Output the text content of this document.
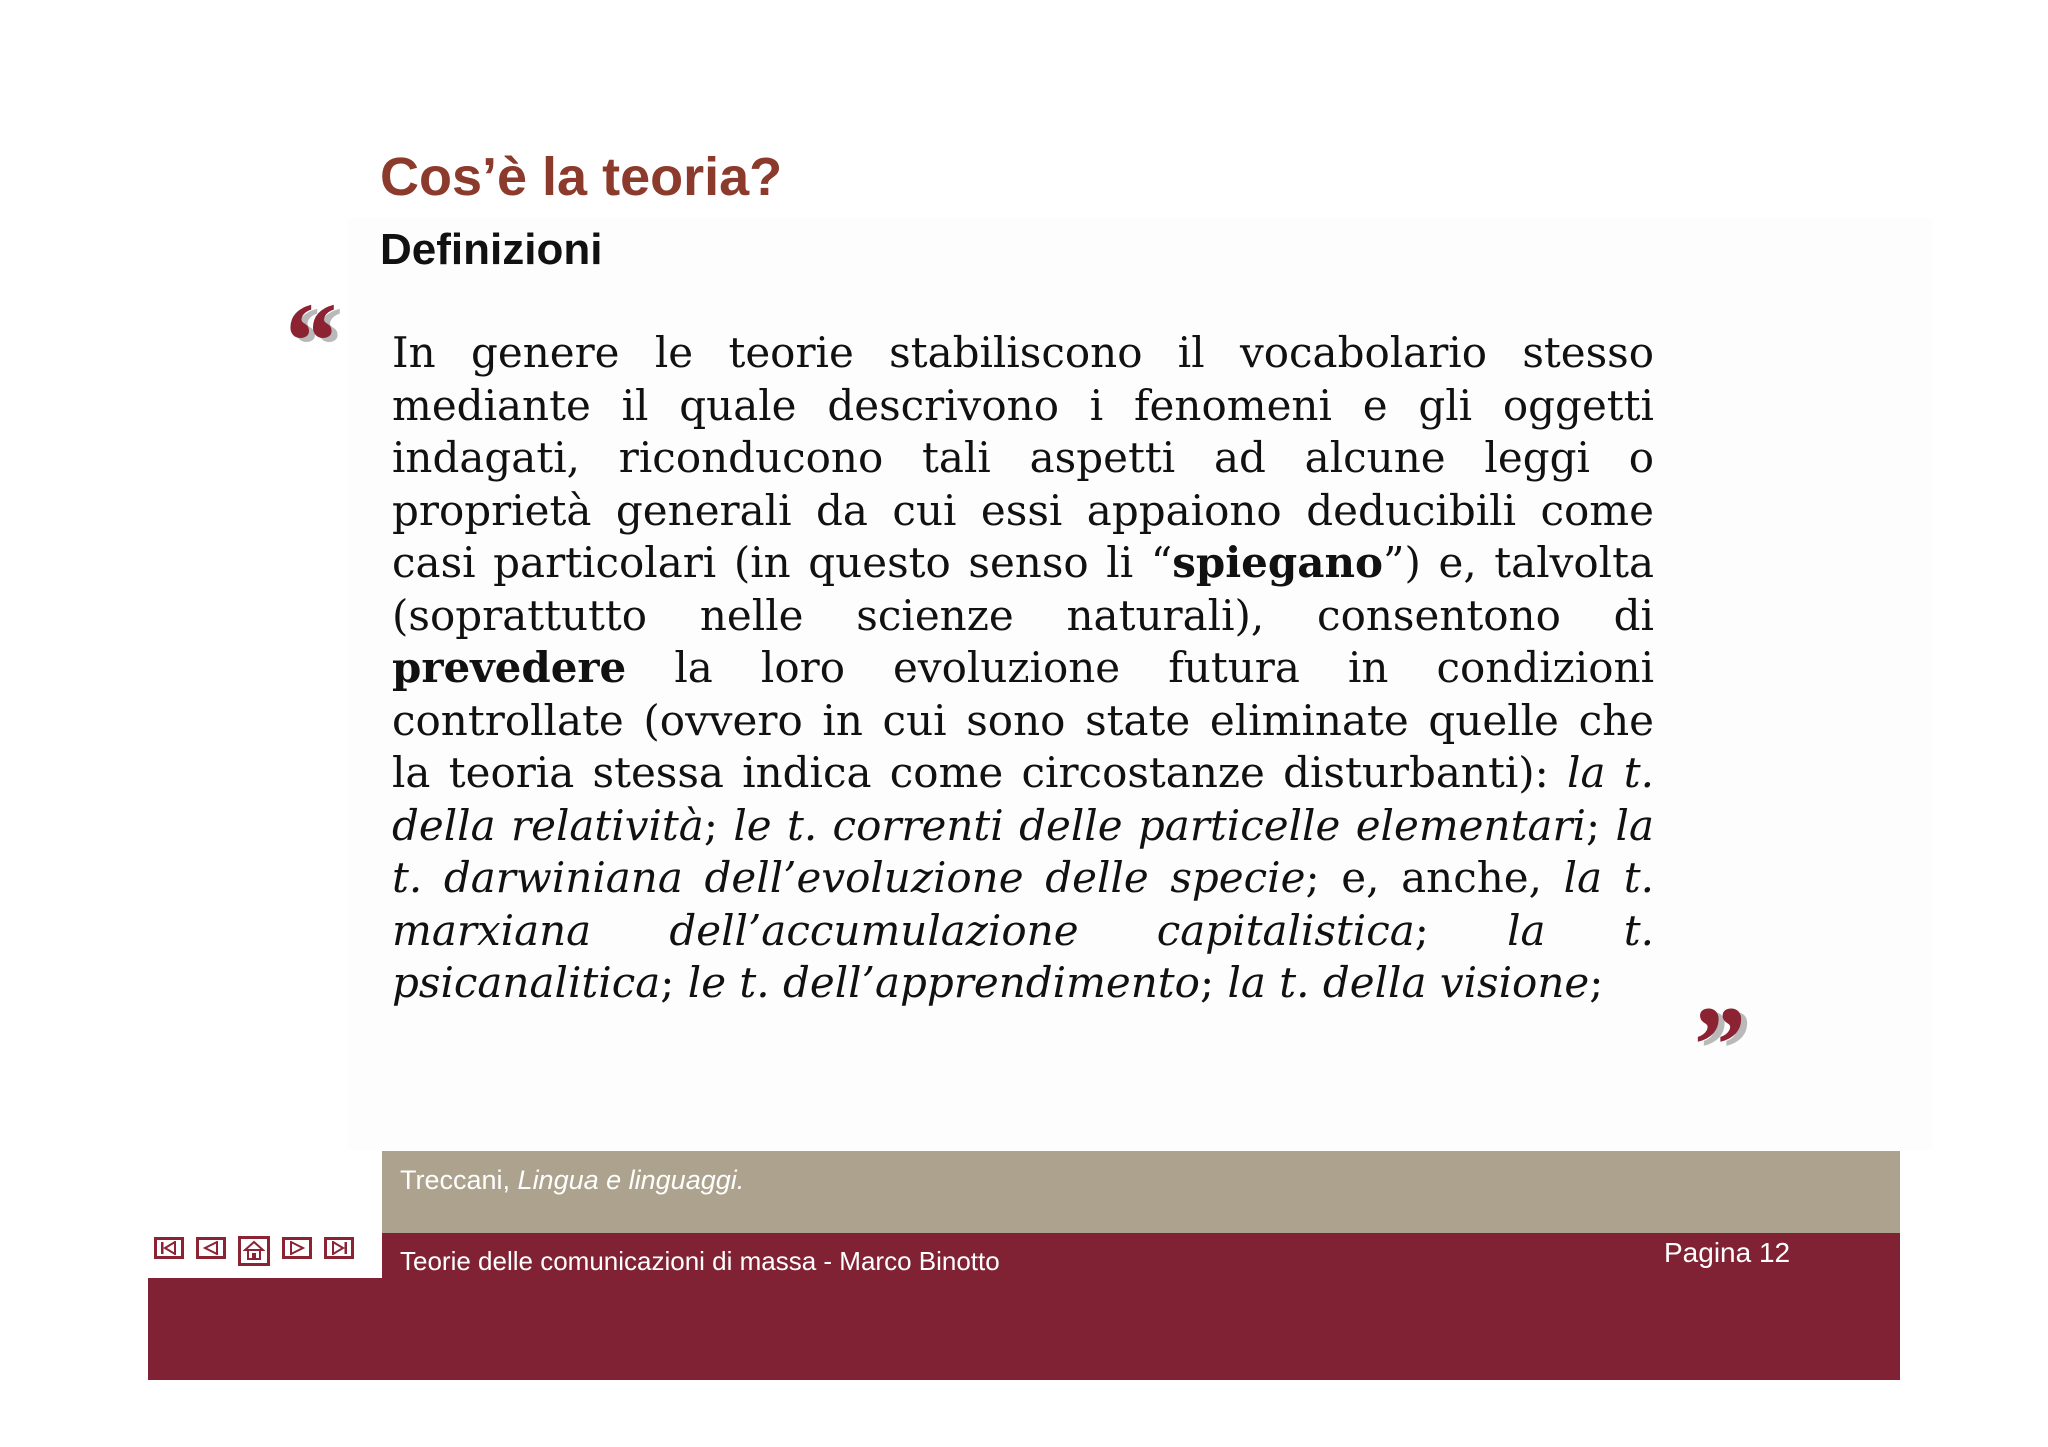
Cos’è la teoria?
Definizioni
“ In genere le teorie stabiliscono il vocabolario stesso mediante il quale descrivono i fenomeni e gli oggetti indagati, riconducono tali aspetti ad alcune leggi o proprietà generali da cui essi appaiono deducibili come casi particolari (in questo senso li “spiegano”) e, talvolta (soprattutto nelle scienze naturali), consentono di prevedere la loro evoluzione futura in condizioni controllate (ovvero in cui sono state eliminate quelle che la teoria stessa indica come circostanze disturbanti): la t. della relatività; le t. correnti delle particelle elementari; la t. darwiniana dell’evoluzione delle specie; e, anche, la t. marxiana dell’accumulazione capitalistica; la t. psicanalitica; le t. dell’apprendimento; la t. della visione;

”
Treccani, Lingua e linguaggi.
Teorie delle comunicazioni di massa - Marco Binotto	Pagina 12
